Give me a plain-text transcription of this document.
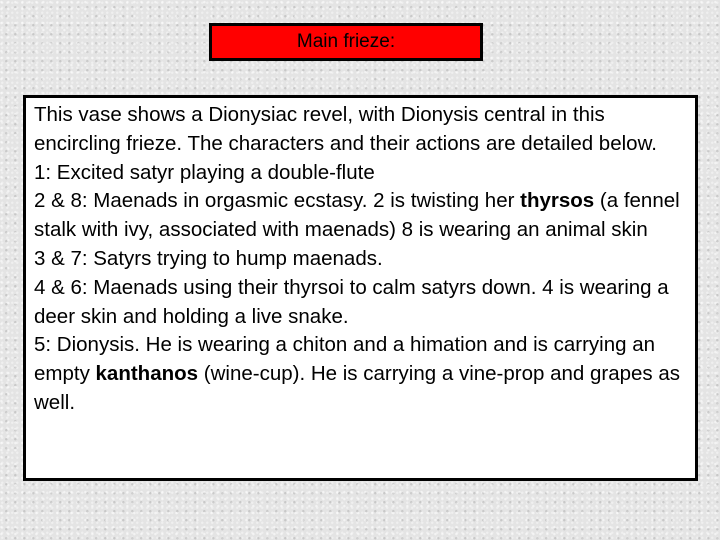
Main frieze:

This vase shows a Dionysiac revel, with Dionysis central in this encircling frieze. The characters and their actions are detailed below.

1: Excited satyr playing a double-flute

2 & 8: Maenads in orgasmic ecstasy. 2 is twisting her thyrsos (a fennel stalk with ivy, associated with maenads) 8 is wearing an animal skin

3 & 7: Satyrs trying to hump maenads.

4 & 6: Maenads using their thyrsoi to calm satyrs down. 4 is wearing a deer skin and holding a live snake.

5: Dionysis. He is wearing a chiton and a himation and is carrying an empty kanthanos (wine-cup). He is carrying a vine-prop and grapes as well.
